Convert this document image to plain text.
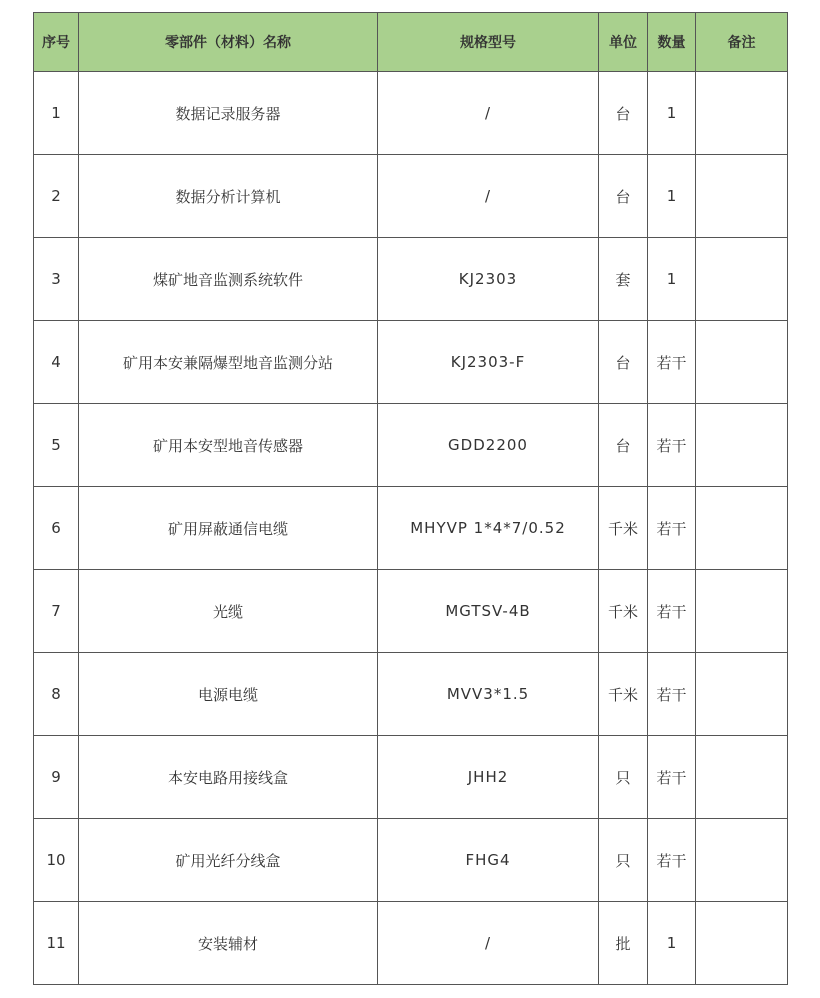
序号	零部件（材料）名称	规格型号	单位	数量	备注
1	数据记录服务器	/	台	1	
2	数据分析计算机	/	台	1	
3	煤矿地音监测系统软件	KJ2303	套	1	
4	矿用本安兼隔爆型地音监测分站	KJ2303-F	台	若干	
5	矿用本安型地音传感器	GDD2200	台	若干	
6	矿用屏蔽通信电缆	MHYVP 1*4*7/0.52	千米	若干	
7	光缆	MGTSV-4B	千米	若干	
8	电源电缆	MVV3*1.5	千米	若干	
9	本安电路用接线盒	JHH2	只	若干	
10	矿用光纤分线盒	FHG4	只	若干	
11	安装辅材	/	批	1	
